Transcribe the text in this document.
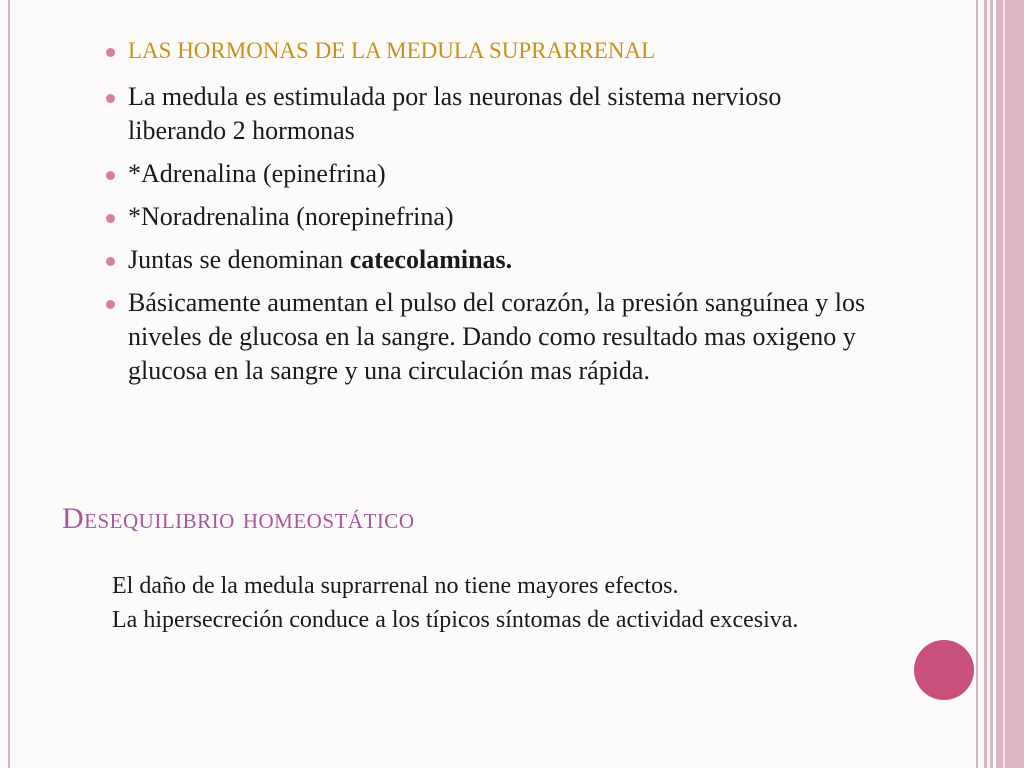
LAS HORMONAS DE LA MEDULA SUPRARRENAL
La medula es estimulada por las neuronas del sistema nervioso liberando 2 hormonas
*Adrenalina (epinefrina)
*Noradrenalina (norepinefrina)
Juntas se denominan catecolaminas.
Básicamente aumentan el pulso del corazón, la presión sanguínea y los niveles de glucosa en la sangre. Dando como resultado mas oxigeno y glucosa en la sangre y una circulación mas rápida.
Desequilibrio homeostático

El daño de la medula suprarrenal no tiene mayores efectos.

La hipersecreción conduce a los típicos síntomas de actividad excesiva.
